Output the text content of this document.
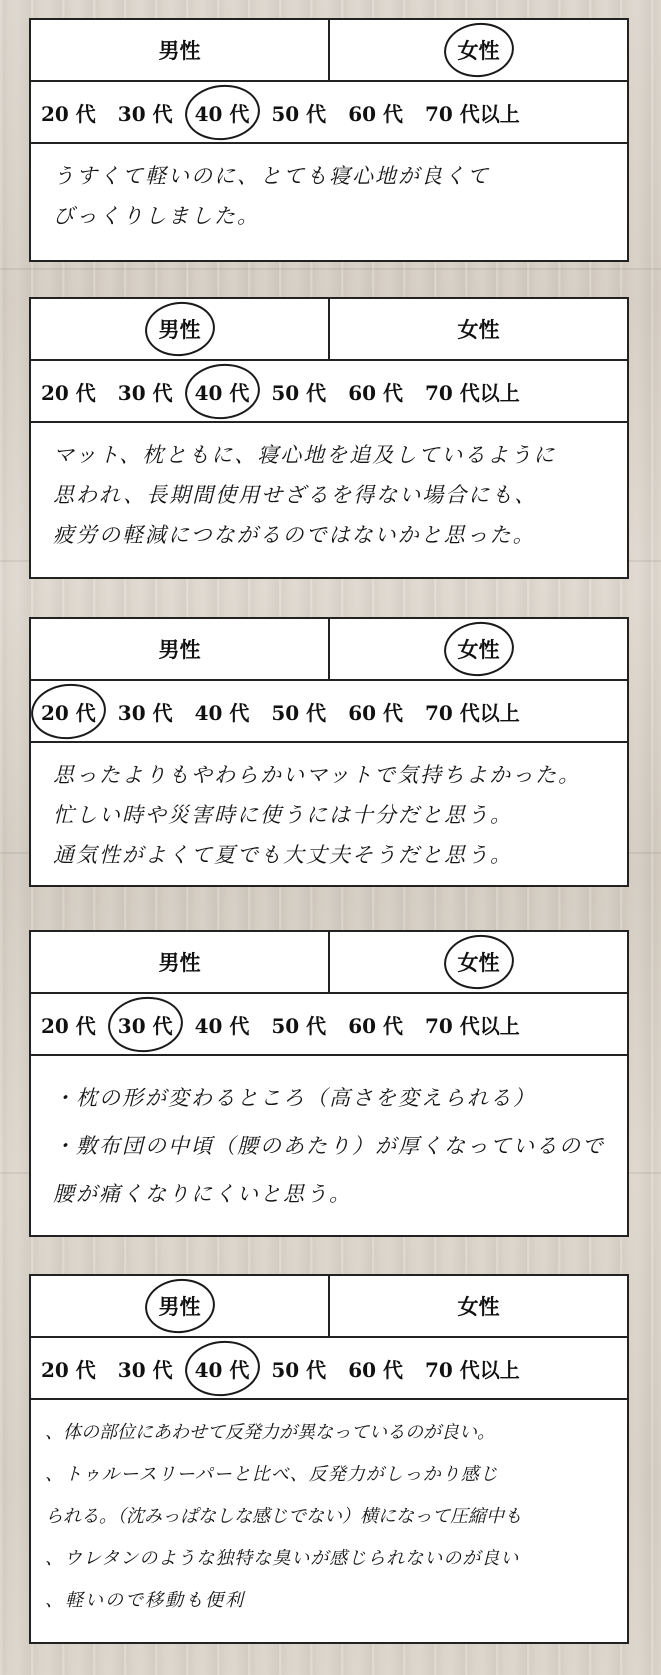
男性	女性
20 代 30 代 40 代 50 代 60 代 70 代以上
うすくて軽いのに、とても寝心地が良くて
びっくりしました。
男性	女性
20 代 30 代 40 代 50 代 60 代 70 代以上
マット、枕ともに、寝心地を追及しているように
思われ、長期間使用せざるを得ない場合にも、
疲労の軽減につながるのではないかと思った。
男性	女性
20 代 30 代 40 代 50 代 60 代 70 代以上
思ったよりもやわらかいマットで気持ちよかった。
忙しい時や災害時に使うには十分だと思う。
通気性がよくて夏でも大丈夫そうだと思う。
男性	女性
20 代 30 代 40 代 50 代 60 代 70 代以上
・枕の形が変わるところ（高さを変えられる）
・敷布団の中頃（腰のあたり）が厚くなっているので
腰が痛くなりにくいと思う。
男性	女性
20 代 30 代 40 代 50 代 60 代 70 代以上
、体の部位にあわせて反発力が異なっているのが良い。
、トゥルースリーパーと比べ、反発力がしっかり感じ
られる。（沈みっぱなしな感じでない）横になって圧縮中も
、ウレタンのような独特な臭いが感じられないのが良い
、軽いので移動も便利
